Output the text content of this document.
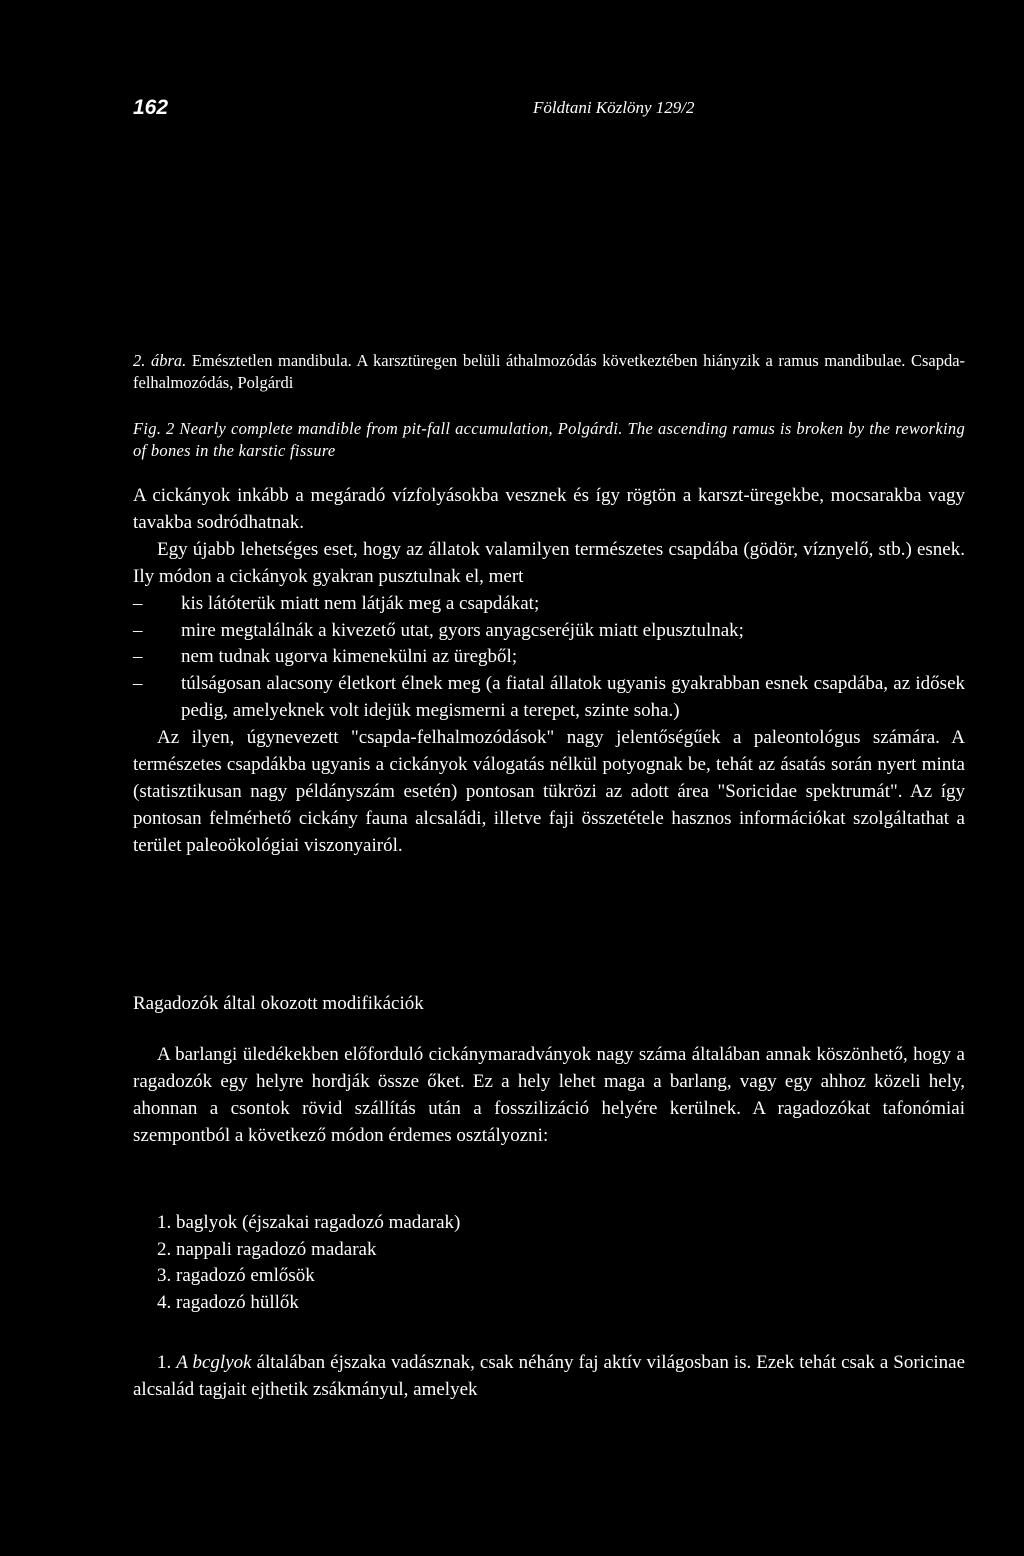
162	Földtani Közlöny 129/2
2. ábra. Emésztetlen mandibula. A karsztüregen belüli áthalmozódás következtében hiányzik a ramus mandibulae. Csapda-felhalmozódás, Polgárdi
Fig. 2 Nearly complete mandible from pit-fall accumulation, Polgárdi. The ascending ramus is broken by the reworking of bones in the karstic fissure

A cickányok inkább a megáradó vízfolyásokba vesznek és így rögtön a karszt-üregekbe, mocsarakba vagy tavakba sodródhatnak.

Egy újabb lehetséges eset, hogy az állatok valamilyen természetes csapdába (gödör, víznyelő, stb.) esnek. Ily módon a cickányok gyakran pusztulnak el, mert

– kis látóterük miatt nem látják meg a csapdákat;
– mire megtalálnák a kivezető utat, gyors anyagcseréjük miatt elpusztulnak;
– nem tudnak ugorva kimenekülni az üregből;
– túlságosan alacsony életkort élnek meg (a fiatal állatok ugyanis gyakrabban esnek csapdába, az idősek pedig, amelyeknek volt idejük megismerni a terepet, szinte soha.)

Az ilyen, úgynevezett "csapda-felhalmozódások" nagy jelentőségűek a paleontológus számára. A természetes csapdákba ugyanis a cickányok válogatás nélkül potyognak be, tehát az ásatás során nyert minta (statisztikusan nagy példányszám esetén) pontosan tükrözi az adott área "Soricidae spektrumát". Az így pontosan felmérhető cickány fauna alcsaládi, illetve faji összetétele hasznos információkat szolgáltathat a terület paleoökológiai viszonyairól.

Ragadozók által okozott modifikációk

A barlangi üledékekben előforduló cickánymaradványok nagy száma általában annak köszönhető, hogy a ragadozók egy helyre hordják össze őket. Ez a hely lehet maga a barlang, vagy egy ahhoz közeli hely, ahonnan a csontok rövid szállítás után a fosszilizáció helyére kerülnek. A ragadozókat tafonómiai szempontból a következő módon érdemes osztályozni:

1. baglyok (éjszakai ragadozó madarak)
2. nappali ragadozó madarak
3. ragadozó emlősök
4. ragadozó hüllők

1. A bcglyok általában éjszaka vadásznak, csak néhány faj aktív világosban is. Ezek tehát csak a Soricinae alcsalád tagjait ejthetik zsákmányul, amelyek
